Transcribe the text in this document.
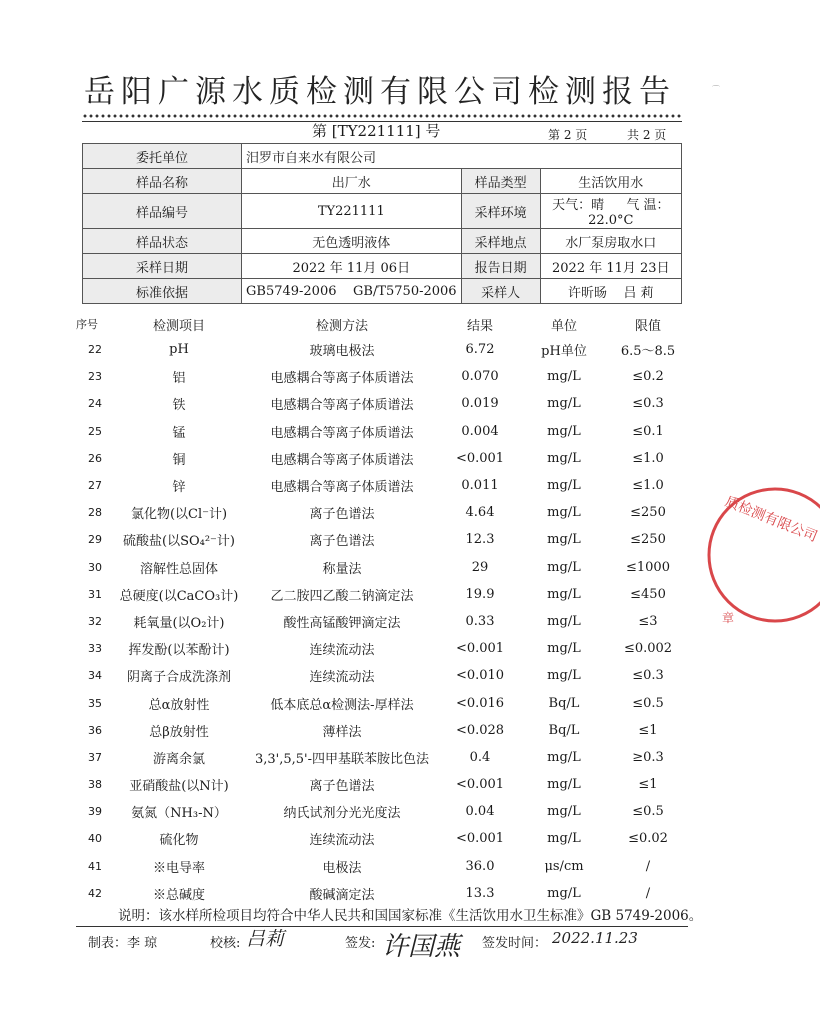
⌒
岳阳广源水质检测有限公司检测报告
第 [TY221111] 号	第 2 页	共 2 页
委托单位	汨罗市自来水有限公司		
样品名称	出厂水	样品类型	生活饮用水
样品编号	TY221111	采样环境	天气：晴 气 温：22.0°C
样品状态	无色透明液体	采样地点	水厂泵房取水口
采样日期	2022 年 11月 06日	报告日期	2022 年 11月 23日
标准依据	GB5749-2006    GB/T5750-2006	采样人	许昕旸    吕 莉
序号	检测项目	检测方法	结果	单位	限值
22	pH	玻璃电极法	6.72	pH单位	6.5～8.5
23	铝	电感耦合等离子体质谱法	0.070	mg/L	≤0.2
24	铁	电感耦合等离子体质谱法	0.019	mg/L	≤0.3
25	锰	电感耦合等离子体质谱法	0.004	mg/L	≤0.1
26	铜	电感耦合等离子体质谱法	<0.001	mg/L	≤1.0
27	锌	电感耦合等离子体质谱法	0.011	mg/L	≤1.0
28	氯化物(以Cl⁻计)	离子色谱法	4.64	mg/L	≤250
29	硫酸盐(以SO₄²⁻计)	离子色谱法	12.3	mg/L	≤250
30	溶解性总固体	称量法	29	mg/L	≤1000
31	总硬度(以CaCO₃计)	乙二胺四乙酸二钠滴定法	19.9	mg/L	≤450
32	耗氧量(以O₂计)	酸性高锰酸钾滴定法	0.33	mg/L	≤3
33	挥发酚(以苯酚计)	连续流动法	<0.001	mg/L	≤0.002
34	阴离子合成洗涤剂	连续流动法	<0.010	mg/L	≤0.3
35	总α放射性	低本底总α检测法-厚样法	<0.016	Bq/L	≤0.5
36	总β放射性	薄样法	<0.028	Bq/L	≤1
37	游离余氯	3,3',5,5'-四甲基联苯胺比色法	0.4	mg/L	≥0.3
38	亚硝酸盐(以N计)	离子色谱法	<0.001	mg/L	≤1
39	氨氮（NH₃-N）	纳氏试剂分光光度法	0.04	mg/L	≤0.5
40	硫化物	连续流动法	<0.001	mg/L	≤0.02
41	※电导率	电极法	36.0	μs/cm	/
42	※总碱度	酸碱滴定法	13.3	mg/L	/
说明：该水样所检项目均符合中华人民共和国国家标准《生活饮用水卫生标准》GB 5749-2006。
制表：李 琼	校核: 吕莉	签发: 许国燕 签发时间： 2022.11.23
质检测有限公司
章
